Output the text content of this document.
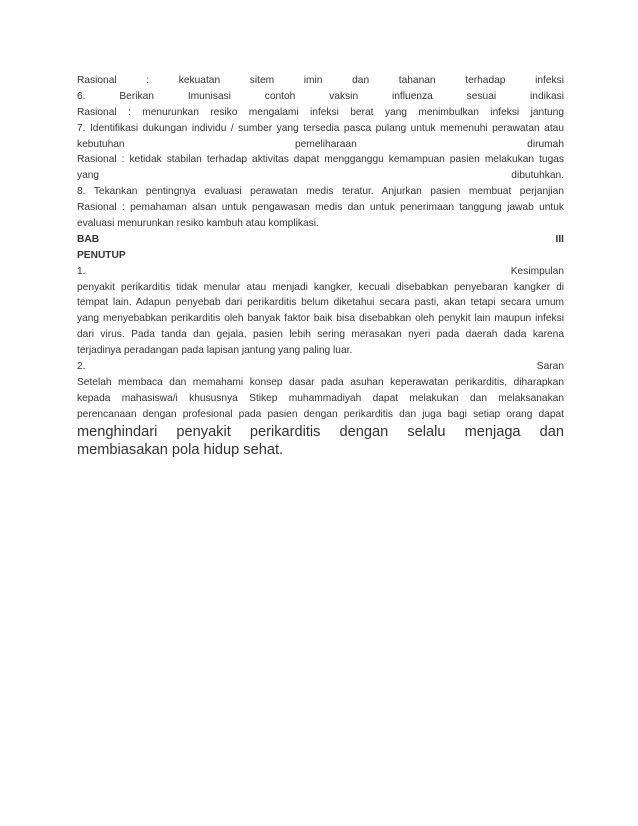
Rasional : kekuatan sitem imin dan tahanan terhadap infeksi
6. Berikan Imunisasi contoh vaksin influenza sesuai indikasi
Rasional : menurunkan resiko mengalami infeksi berat yang menimbulkan infeksi jantung
7. Identifikasi dukungan individu / sumber yang tersedia pasca pulang untuk memenuhi perawatan atau
kebutuhan pemeliharaan dirumah
Rasional : ketidak stabilan terhadap aktivitas dapat mengganggu kemampuan pasien melakukan tugas
yang dibutuhkan.
8. Tekankan pentingnya evaluasi perawatan medis teratur. Anjurkan pasien membuat perjanjian
Rasional : pemahaman alsan untuk pengawasan medis dan untuk penerimaan tanggung jawab untuk
evaluasi menurunkan resiko kambuh atau komplikasi.
BAB III
PENUTUP
1. Kesimpulan
penyakit perikarditis tidak menular atau menjadi kangker, kecuali disebabkan penyebaran kangker di
tempat lain. Adapun penyebab dari perikarditis belum diketahui secara pasti, akan tetapi secara umum
yang menyebabkan perikarditis oleh banyak faktor baik bisa disebabkan oleh penykit lain maupun infeksi
dari virus. Pada tanda dan gejala, pasien lebih sering merasakan nyeri pada daerah dada karena
terjadinya peradangan pada lapisan jantung yang paling luar.
2. Saran
Setelah membaca dan memahami konsep dasar pada asuhan keperawatan perikarditis, diharapkan
kepada mahasiswa/i khususnya Stikep muhammadiyah dapat melakukan dan melaksanakan
perencanaan dengan profesional pada pasien dengan perikarditis dan juga bagi setiap orang dapat
menghindari penyakit perikarditis dengan selalu menjaga dan
membiasakan pola hidup sehat.
